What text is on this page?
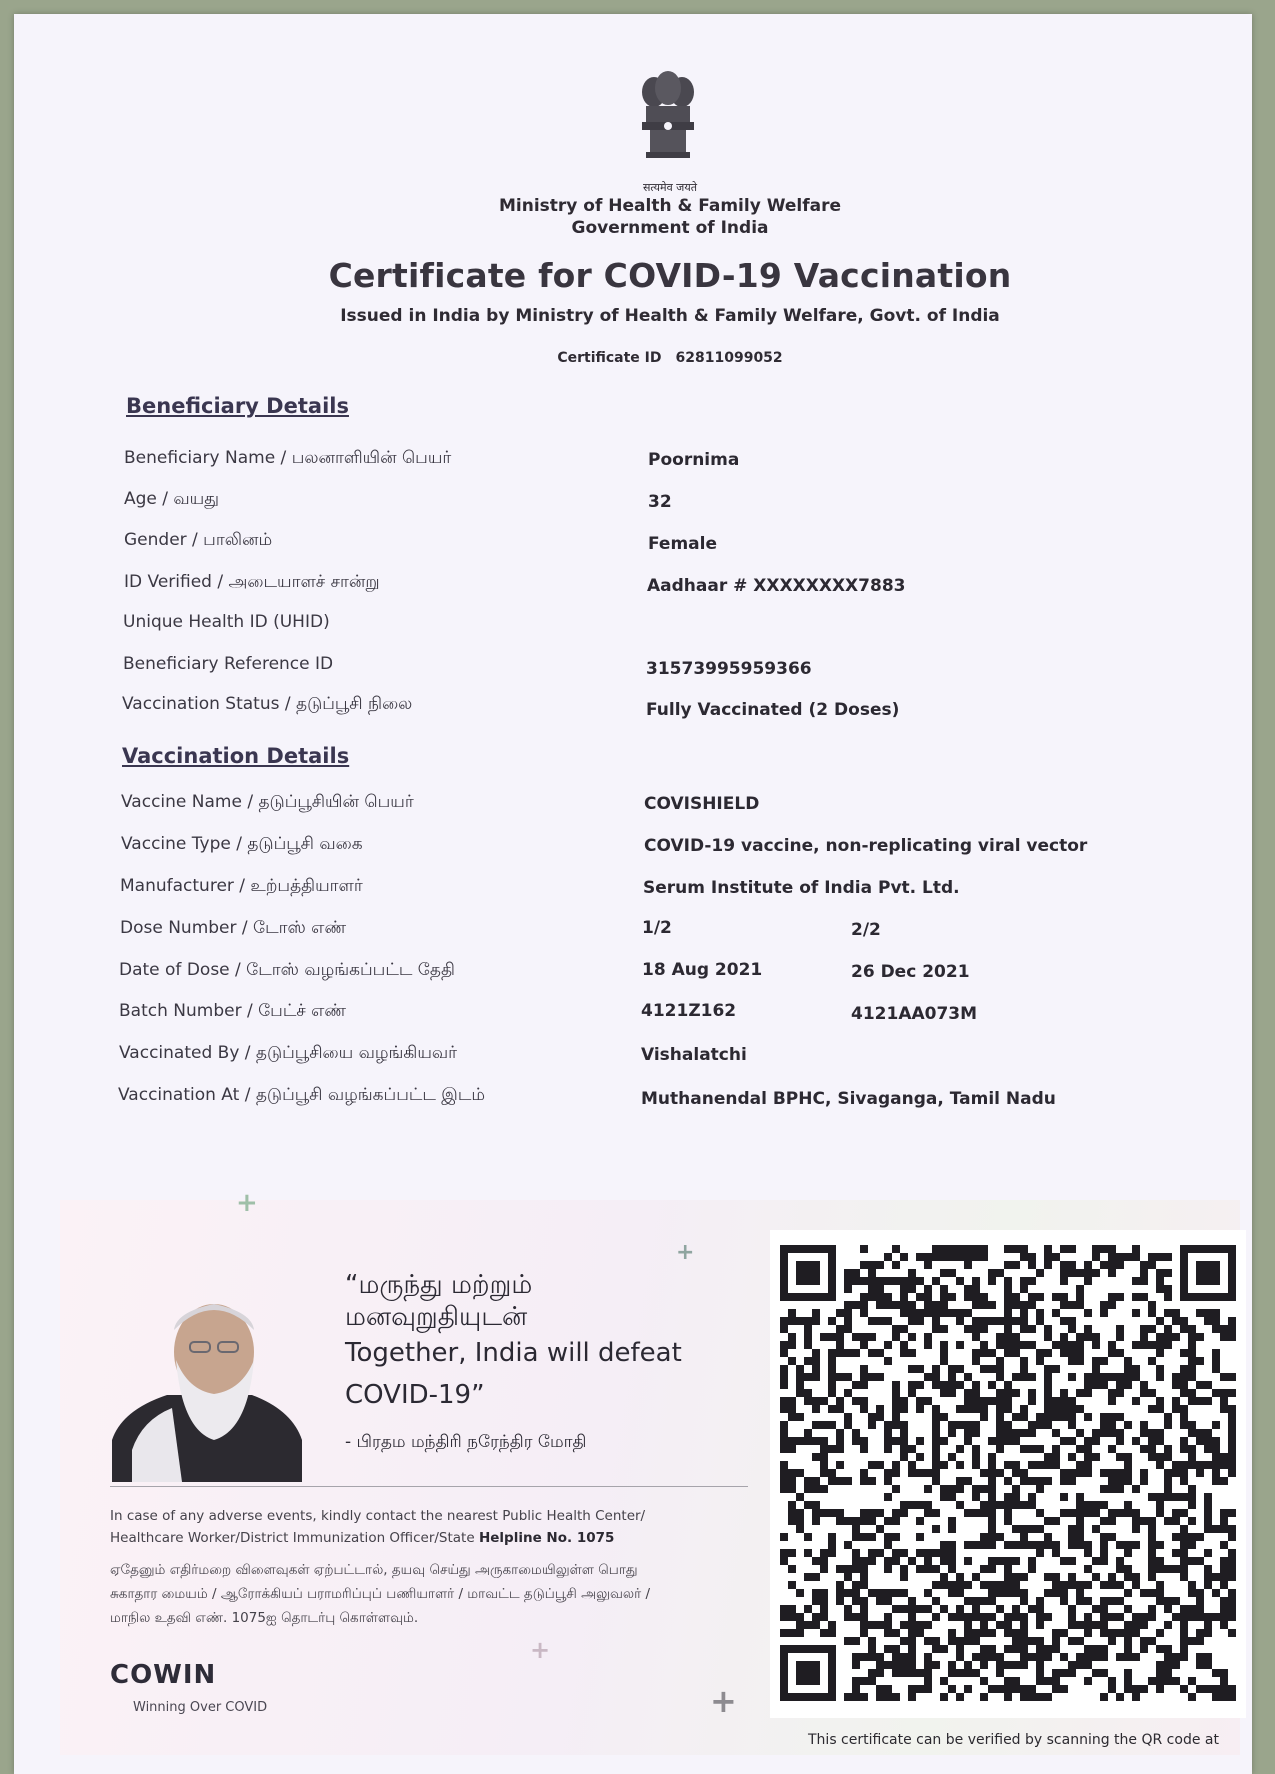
सत्यमेव जयते
Ministry of Health & Family Welfare
Government of India
Certificate for COVID-19 Vaccination
Issued in India by Ministry of Health & Family Welfare, Govt. of India
Certificate ID 62811099052
Beneficiary Details
Beneficiary Name / பலனாளியின் பெயர்	Poornima
Age / வயது	32
Gender / பாலினம்	Female
ID Verified / அடையாளச் சான்று	Aadhaar # XXXXXXXX7883
Unique Health ID (UHID)
Beneficiary Reference ID	31573995959366
Vaccination Status / தடுப்பூசி நிலை	Fully Vaccinated (2 Doses)
Vaccination Details
Vaccine Name / தடுப்பூசியின் பெயர்	COVISHIELD
Vaccine Type / தடுப்பூசி வகை	COVID-19 vaccine, non-replicating viral vector
Manufacturer / உற்பத்தியாளர்	Serum Institute of India Pvt. Ltd.
Dose Number / டோஸ் எண்	1/2	2/2
Date of Dose / டோஸ் வழங்கப்பட்ட தேதி	18 Aug 2021	26 Dec 2021
Batch Number / பேட்ச் எண்	4121Z162	4121AA073M
Vaccinated By / தடுப்பூசியை வழங்கியவர்	Vishalatchi
Vaccination At / தடுப்பூசி வழங்கப்பட்ட இடம்	Muthanendal BPHC, Sivaganga, Tamil Nadu
+
+
+
+
“மருந்து மற்றும்
மனவுறுதியுடன்
Together, India will defeat
COVID-19”
- பிரதம மந்திரி நரேந்திர மோதி
In case of any adverse events, kindly contact the nearest Public Health Center/
Healthcare Worker/District Immunization Officer/State Helpline No. 1075
ஏதேனும் எதிர்மறை விளைவுகள் ஏற்பட்டால், தயவு செய்து அருகாமையிலுள்ள பொது
சுகாதார மையம் / ஆரோக்கியப் பராமரிப்புப் பணியாளர் / மாவட்ட தடுப்பூசி அலுவலர் /
மாநில உதவி எண். 1075ஐ தொடர்பு கொள்ளவும்.
COWIN
Winning Over COVID
This certificate can be verified by scanning the QR code at
